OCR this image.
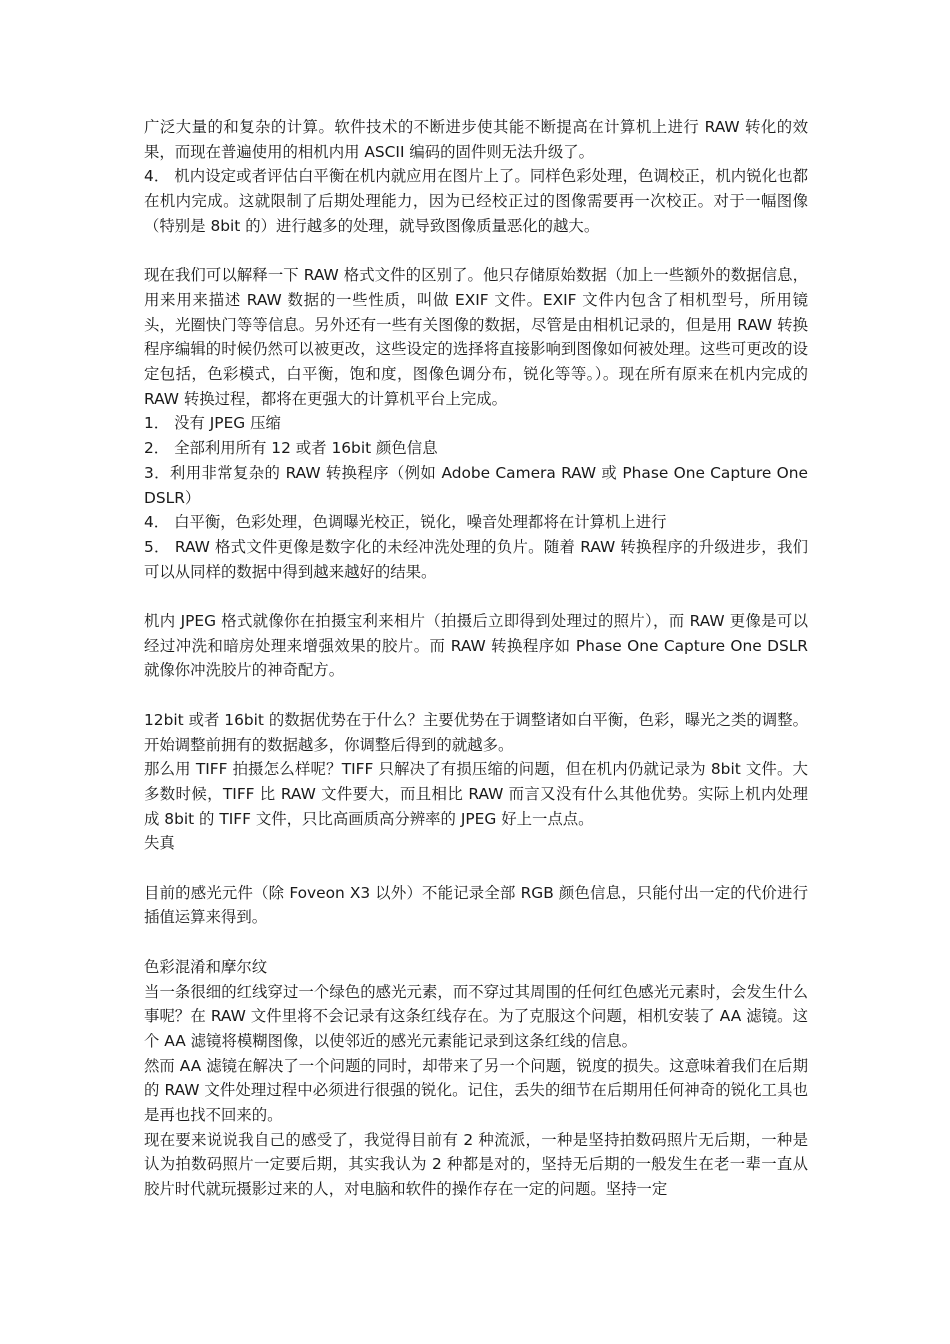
广泛大量的和复杂的计算。软件技术的不断进步使其能不断提高在计算机上进行 RAW 转化的效果，而现在普遍使用的相机内用 ASCII 编码的固件则无法升级了。

4． 机内设定或者评估白平衡在机内就应用在图片上了。同样色彩处理，色调校正，机内锐化也都在机内完成。这就限制了后期处理能力，因为已经校正过的图像需要再一次校正。对于一幅图像（特别是 8bit 的）进行越多的处理，就导致图像质量恶化的越大。

现在我们可以解释一下 RAW 格式文件的区别了。他只存储原始数据（加上一些额外的数据信息，用来用来描述 RAW 数据的一些性质，叫做 EXIF 文件。EXIF 文件内包含了相机型号，所用镜头，光圈快门等等信息。另外还有一些有关图像的数据，尽管是由相机记录的，但是用 RAW 转换程序编辑的时候仍然可以被更改，这些设定的选择将直接影响到图像如何被处理。这些可更改的设定包括，色彩模式，白平衡，饱和度，图像色调分布，锐化等等。）。现在所有原来在机内完成的 RAW 转换过程，都将在更强大的计算机平台上完成。

1． 没有 JPEG 压缩

2． 全部利用所有 12 或者 16bit 颜色信息

3．利用非常复杂的 RAW 转换程序（例如 Adobe Camera RAW 或 Phase One Capture One DSLR）

4． 白平衡，色彩处理，色调曝光校正，锐化，噪音处理都将在计算机上进行

5． RAW 格式文件更像是数字化的未经冲洗处理的负片。随着 RAW 转换程序的升级进步，我们可以从同样的数据中得到越来越好的结果。

机内 JPEG 格式就像你在拍摄宝利来相片（拍摄后立即得到处理过的照片），而 RAW 更像是可以经过冲洗和暗房处理来增强效果的胶片。而 RAW 转换程序如 Phase One Capture One DSLR 就像你冲洗胶片的神奇配方。

12bit 或者 16bit 的数据优势在于什么？主要优势在于调整诸如白平衡，色彩，曝光之类的调整。开始调整前拥有的数据越多，你调整后得到的就越多。

那么用 TIFF 拍摄怎么样呢？TIFF 只解决了有损压缩的问题，但在机内仍就记录为 8bit 文件。大多数时候，TIFF 比 RAW 文件要大，而且相比 RAW 而言又没有什么其他优势。实际上机内处理成 8bit 的 TIFF 文件，只比高画质高分辨率的 JPEG 好上一点点。

失真

目前的感光元件（除 Foveon X3 以外）不能记录全部 RGB 颜色信息，只能付出一定的代价进行插值运算来得到。

色彩混淆和摩尔纹

当一条很细的红线穿过一个绿色的感光元素，而不穿过其周围的任何红色感光元素时，会发生什么事呢？在 RAW 文件里将不会记录有这条红线存在。为了克服这个问题，相机安装了 AA 滤镜。这个 AA 滤镜将模糊图像，以使邻近的感光元素能记录到这条红线的信息。

然而 AA 滤镜在解决了一个问题的同时，却带来了另一个问题，锐度的损失。这意味着我们在后期的 RAW 文件处理过程中必须进行很强的锐化。记住，丢失的细节在后期用任何神奇的锐化工具也是再也找不回来的。

现在要来说说我自己的感受了，我觉得目前有 2 种流派，一种是坚持拍数码照片无后期，一种是认为拍数码照片一定要后期，其实我认为 2 种都是对的，坚持无后期的一般发生在老一辈一直从胶片时代就玩摄影过来的人，对电脑和软件的操作存在一定的问题。坚持一定
